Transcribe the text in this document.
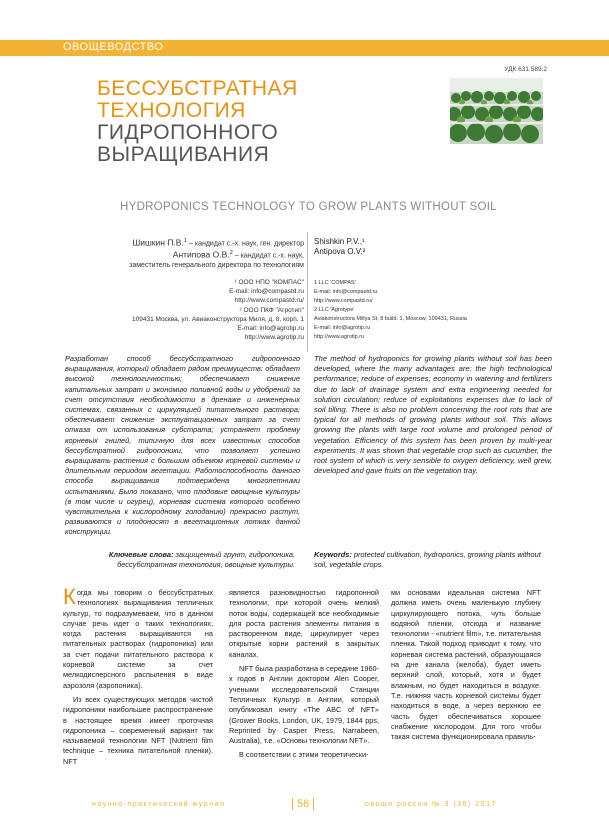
ОВОЩЕВОДСТВО
УДК 631.589.2
БЕССУБСТРАТНАЯ
ТЕХНОЛОГИЯ
ГИДРОПОННОГО
ВЫРАЩИВАНИЯ
HYDROPONICS TECHNOLOGY TO GROW PLANTS WITHOUT SOIL
Шишкин П.В.$^1$ – кандидат с.-х. наук, ген. директор
Антипова О.В.$^2$ – кандидат с.-х. наук,
заместитель генерального директора по технологиям
¹ ООО НПО "КОМПАС"
E-mail: info@compastd.ru
http://www.compastd.ru/
² ООО ПКФ "Агротип"
109431 Москва, ул. Авиаконструктора Миля, д. 8, корп. 1
E-mail: info@agrotip.ru
http://www.agrotip.ru
Shishkin P.V.,¹
Antipova O.V.²
1 LLC 'COMPAS'
E-mail: info@compastd.ru
http://www.compastd.ru/
2 LLC 'Agrotype'
Aviakonstructora Millya St, 8 build. 1, Moscow, 109431, Russia
E-mail: info@agrotip.ru
http://www.agrotip.ru
Разработан способ бессубстратного гидропонного выращивания, который обладает рядом преимуществ: обладает высокой технологичностью; обеспечивает снижение капитальных затрат и экономию поливной воды и удобрений за счет отсутствия необходимости в дренаже и инженерных системах, связанных с циркуляцией питательного раствора; обеспечивает снижение эксплуатационных затрат за счет отказа от использования субстрата; устраняет проблему корневых гнилей, типичную для всех известных способов бессубстратной гидропоники, что позволяет успешно выращивать растения с большим объемом корневой системы и длительным периодом вегетации. Работоспособность данного способа выращивания подтверждена многолетними испытаниями. Было показано, что плодовые овощные культуры (в том числе и огурец), корневая система которого особенно чувствительна к кислородному голоданию) прекрасно растут, развиваются и плодоносят в вегетационных лотках данной конструкции.
The method of hydroponics for growing plants without soil has been developed, where the many advantages are: the high technological performance; reduce of expenses; economy in watering and fertilizers due to lack of drainage system and extra engineering needed for solution circulation; reduce of exploitations expenses due to lack of soil tilling. There is also no problem concerning the root rots that are typical for all methods of growing plants without soil. This allows growing the plants with large root volume and prolonged period of vegetation. Efficiency of this system has been proven by multi-year experiments. It was shown that vegetable crop such as cucumber, the root system of which is very sensible to oxygen deficiency, well grew, developed and gave fruits on the vegetation tray.
Ключевые слова: защищенный грунт, гидропоника, бессубстратная технология, овощные культуры.
Keywords: protected cultivation, hydroponics, growing plants without soil, vegetable crops.

Когда мы говорим о бессубстратных технологиях выращивания тепличных культур, то подразумеваем, что в данном случае речь идет о таких технологиях, когда растения выращиваются на питательных растворах (гидропоника) или за счет подачи питательного раствора к корневой системе за счет мелкодисперсного распыления в виде аэрозоля (аэропоника).

Из всех существующих методов чистой гидропоники наибольшее распространение в настоящее время имеет проточная гидропоника – современный вариант так называемой технологии NFT (Nutrient film technique – техника питательной пленки). NFT

является разновидностью гидропонной технологии, при которой очень мелкий поток воды, содержащей все необходимые для роста растения элементы питания в растворенном виде, циркулирует через открытые корни растений в закрытых каналах.

NFT была разработана в середине 1960-х годов в Англии доктором Alen Cooper, учеными исследовательской Станции Тепличных Культур в Англии, который опубликовал книгу «The ABC of NFT» (Grower Books, London, UK, 1979, 1844 pps, Reprinted by Casper Press, Narrabeen, Australia), т.е. «Основы технологии NFT».

В соответствии с этими теоретически-

ми основами идеальная система NFT должна иметь очень маленькую глубину циркулирующего потока, чуть больше водяной пленки, отсюда и название технологии - «nutrient film», т.е. питательная пленка. Такой подход приводит к тому, что корневая система растений, образующаяся на дне канала (желоба), будет иметь верхний слой, который, хотя и будет влажным, но будет находиться в воздухе. Т.е. нижняя часть корневой системы будет находиться в воде, а через верхнюю ее часть будет обеспечиваться хорошее снабжение кислородом. Для того чтобы такая система функционировала правиль-

научно-практический журнал	56	овощи россии № 3 (36) 2017
